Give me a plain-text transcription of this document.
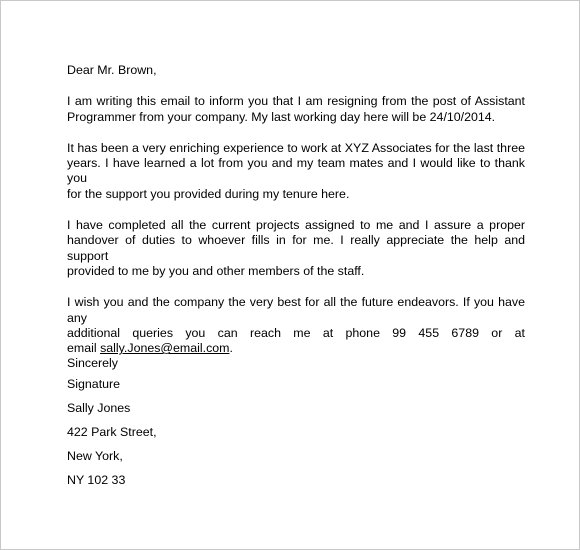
Dear Mr. Brown,
I am writing this email to inform you that I am resigning from the post of Assistant
Programmer from your company. My last working day here will be 24/10/2014.
It has been a very enriching experience to work at XYZ Associates for the last three
years. I have learned a lot from you and my team mates and I would like to thank you
for the support you provided during my tenure here.
I have completed all the current projects assigned to me and I assure a proper
handover of duties to whoever fills in for me. I really appreciate the help and support
provided to me by you and other members of the staff.
I wish you and the company the very best for all the future endeavors. If you have any
additional queries you can reach me at phone 99 455 6789 or at
email sally.Jones@email.com.
Sincerely
Signature
Sally Jones
422 Park Street,
New York,
NY 102 33
